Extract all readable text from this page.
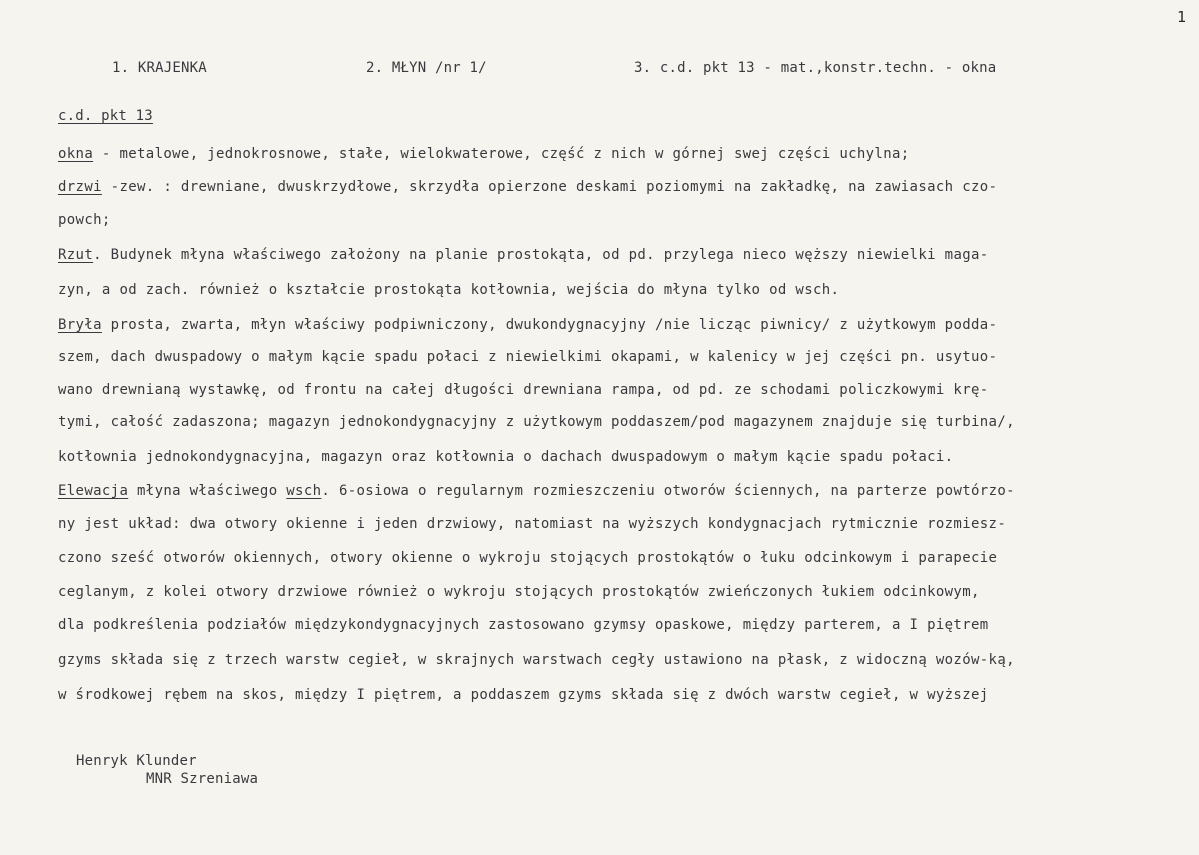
1
1. KRAJENKA	2. MŁYN /nr 1/	3. c.d. pkt 13 - mat.,konstr.techn. - okna
c.d. pkt 13
okna - metalowe, jednokrosnowe, stałe, wielokwaterowe, część z nich w górnej swej części uchylna;
drzwi -zew. : drewniane, dwuskrzydłowe, skrzydła opierzone deskami poziomymi na zakładkę, na zawiasach czo-
powch;
Rzut. Budynek młyna właściwego założony na planie prostokąta, od pd. przylega nieco węższy niewielki maga-
zyn, a od zach. również o kształcie prostokąta kotłownia, wejścia do młyna tylko od wsch.
Bryła prosta, zwarta, młyn właściwy podpiwniczony, dwukondygnacyjny /nie licząc piwnicy/ z użytkowym podda-
szem, dach dwuspadowy o małym kącie spadu połaci z niewielkimi okapami, w kalenicy w jej części pn. usytuo-
wano drewnianą wystawkę, od frontu na całej długości drewniana rampa, od pd. ze schodami policzkowymi krę-
tymi, całość zadaszona; magazyn jednokondygnacyjny z użytkowym poddaszem/pod magazynem znajduje się turbina/,
kotłownia jednokondygnacyjna, magazyn oraz kotłownia o dachach dwuspadowym o małym kącie spadu połaci.
Elewacja młyna właściwego wsch. 6-osiowa o regularnym rozmieszczeniu otworów ściennych, na parterze powtórzo-
ny jest układ: dwa otwory okienne i jeden drzwiowy, natomiast na wyższych kondygnacjach rytmicznie rozmiesz-
czono sześć otworów okiennych, otwory okienne o wykroju stojących prostokątów o łuku odcinkowym i parapecie
ceglanym, z kolei otwory drzwiowe również o wykroju stojących prostokątów zwieńczonych łukiem odcinkowym,
dla podkreślenia podziałów międzykondygnacyjnych zastosowano gzymsy opaskowe, między parterem, a I piętrem
gzyms składa się z trzech warstw cegieł, w skrajnych warstwach cegły ustawiono na płask, z widoczną wozów-ką,
w środkowej rębem na skos, między I piętrem, a poddaszem gzyms składa się z dwóch warstw cegieł, w wyższej
Henryk Klunder
MNR Szreniawa
